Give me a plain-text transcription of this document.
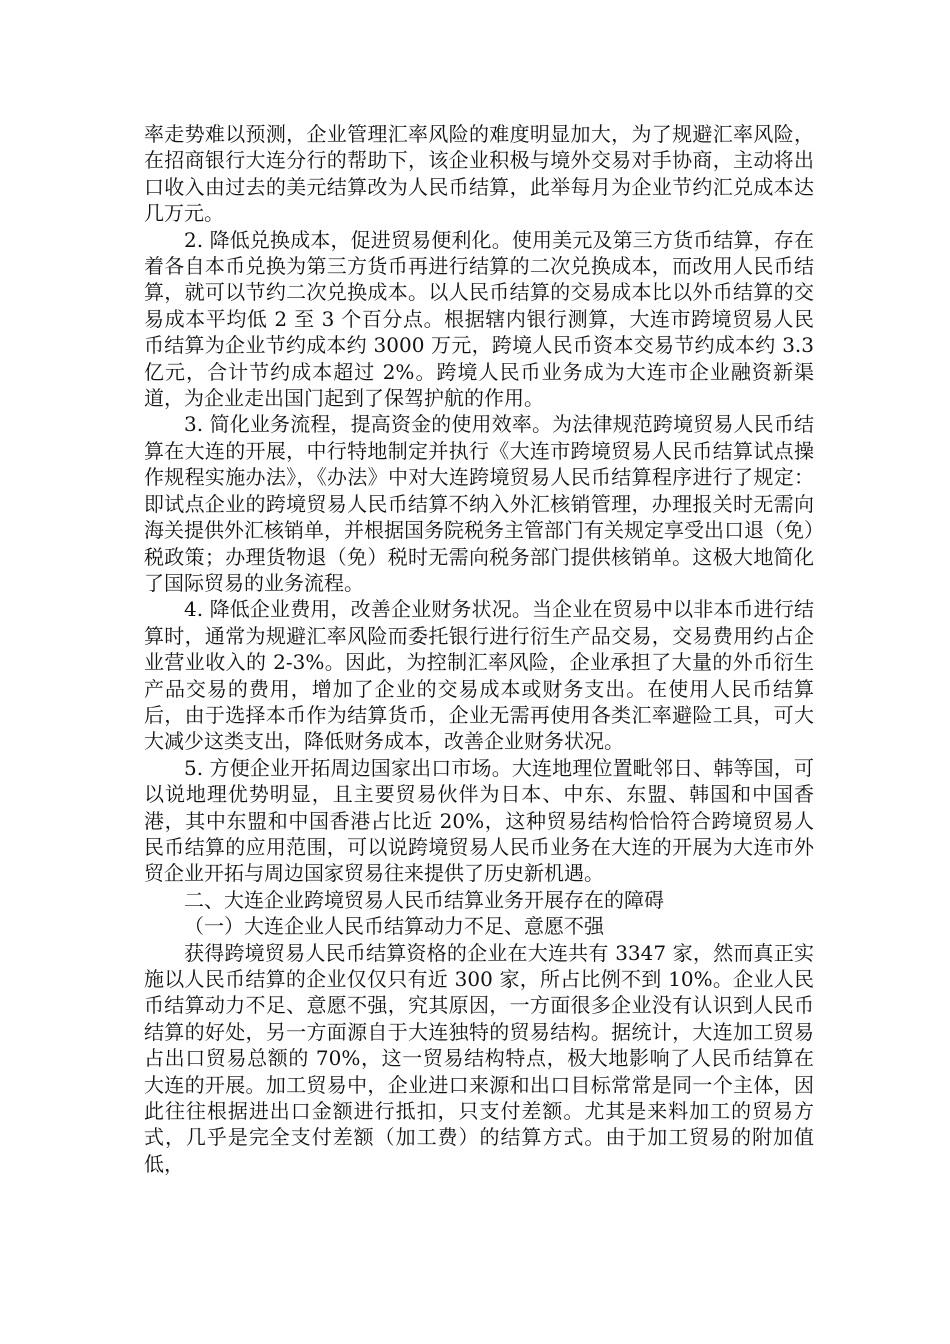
率走势难以预测，企业管理汇率风险的难度明显加大，为了规避汇率风险，在招商银行大连分行的帮助下，该企业积极与境外交易对手协商，主动将出口收入由过去的美元结算改为人民币结算，此举每月为企业节约汇兑成本达几万元。

2. 降低兑换成本，促进贸易便利化。使用美元及第三方货币结算，存在着各自本币兑换为第三方货币再进行结算的二次兑换成本，而改用人民币结算，就可以节约二次兑换成本。以人民币结算的交易成本比以外币结算的交易成本平均低 2 至 3 个百分点。根据辖内银行测算，大连市跨境贸易人民币结算为企业节约成本约 3000 万元，跨境人民币资本交易节约成本约 3.3 亿元，合计节约成本超过 2%。跨境人民币业务成为大连市企业融资新渠道，为企业走出国门起到了保驾护航的作用。

3. 简化业务流程，提高资金的使用效率。为法律规范跨境贸易人民币结算在大连的开展，中行特地制定并执行《大连市跨境贸易人民币结算试点操作规程实施办法》，《办法》中对大连跨境贸易人民币结算程序进行了规定：即试点企业的跨境贸易人民币结算不纳入外汇核销管理，办理报关时无需向海关提供外汇核销单，并根据国务院税务主管部门有关规定享受出口退（免）税政策；办理货物退（免）税时无需向税务部门提供核销单。这极大地简化了国际贸易的业务流程。

4. 降低企业费用，改善企业财务状况。当企业在贸易中以非本币进行结算时，通常为规避汇率风险而委托银行进行衍生产品交易，交易费用约占企业营业收入的 2-3%。因此，为控制汇率风险，企业承担了大量的外币衍生产品交易的费用，增加了企业的交易成本或财务支出。在使用人民币结算后，由于选择本币作为结算货币，企业无需再使用各类汇率避险工具，可大大减少这类支出，降低财务成本，改善企业财务状况。

5. 方便企业开拓周边国家出口市场。大连地理位置毗邻日、韩等国，可以说地理优势明显，且主要贸易伙伴为日本、中东、东盟、韩国和中国香港，其中东盟和中国香港占比近 20%，这种贸易结构恰恰符合跨境贸易人民币结算的应用范围，可以说跨境贸易人民币业务在大连的开展为大连市外贸企业开拓与周边国家贸易往来提供了历史新机遇。

二、大连企业跨境贸易人民币结算业务开展存在的障碍

（一）大连企业人民币结算动力不足、意愿不强

获得跨境贸易人民币结算资格的企业在大连共有 3347 家，然而真正实施以人民币结算的企业仅仅只有近 300 家，所占比例不到 10%。企业人民币结算动力不足、意愿不强，究其原因，一方面很多企业没有认识到人民币结算的好处，另一方面源自于大连独特的贸易结构。据统计，大连加工贸易占出口贸易总额的 70%，这一贸易结构特点，极大地影响了人民币结算在大连的开展。加工贸易中，企业进口来源和出口目标常常是同一个主体，因此往往根据进出口金额进行抵扣，只支付差额。尤其是来料加工的贸易方式，几乎是完全支付差额（加工费）的结算方式。由于加工贸易的附加值低，
